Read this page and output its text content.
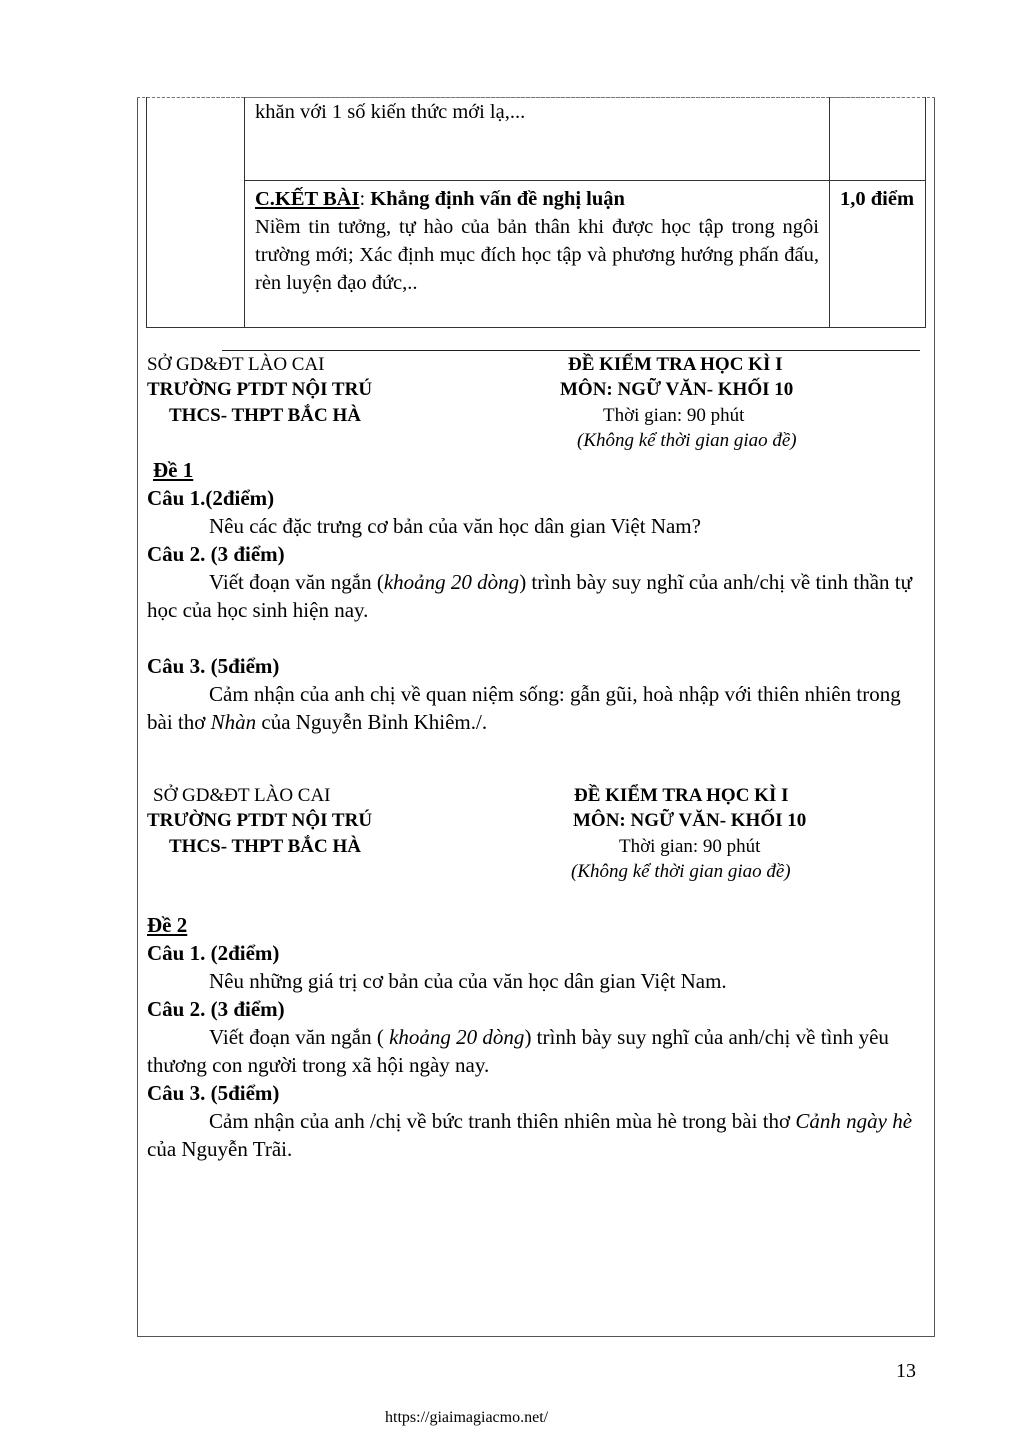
	khăn với 1 số kiến thức mới lạ,...	

	C.KẾT BÀI: Khẳng định vấn đề nghị luận
Niềm tin tưởng, tự hào của bản thân khi được học tập trong ngôi trường mới; Xác định mục đích học tập và phương hướng phấn đấu, rèn luyện đạo đức,..	1,0 điểm
SỞ GD&ĐT LÀO CAI
TRƯỜNG PTDT NỘI TRÚ
THCS- THPT BẮC HÀ
ĐỀ KIỂM TRA HỌC KÌ I
MÔN: NGỮ VĂN- KHỐI 10
Thời gian: 90 phút
(Không kể thời gian giao đề)
Đề 1
Câu 1.(2điểm)
Nêu các đặc trưng cơ bản của văn học dân gian Việt Nam?
Câu 2. (3 điểm)
Viết đoạn văn ngắn (khoảng 20 dòng) trình bày suy nghĩ của anh/chị về tinh thần tự học của học sinh hiện nay.
Câu 3. (5điểm)
Cảm nhận của anh chị về quan niệm sống: gẫn gũi, hoà nhập với thiên nhiên trong bài thơ Nhàn của Nguyễn Bỉnh Khiêm./.
SỞ GD&ĐT LÀO CAI
TRƯỜNG PTDT NỘI TRÚ
THCS- THPT BẮC HÀ
ĐỀ KIỂM TRA HỌC KÌ I
MÔN: NGỮ VĂN- KHỐI 10
Thời gian: 90 phút
(Không kể thời gian giao đề)
Đề 2
Câu 1. (2điểm)
Nêu những giá trị cơ bản của của văn học dân gian Việt Nam.
Câu 2. (3 điểm)
Viết đoạn văn ngắn ( khoảng 20 dòng) trình bày suy nghĩ của anh/chị về tình yêu thương con người trong xã hội ngày nay.
Câu 3. (5điểm)
Cảm nhận của anh /chị về bức tranh thiên nhiên mùa hè trong bài thơ Cảnh ngày hè của Nguyễn Trãi.
13
https://giaimagiacmo.net/
